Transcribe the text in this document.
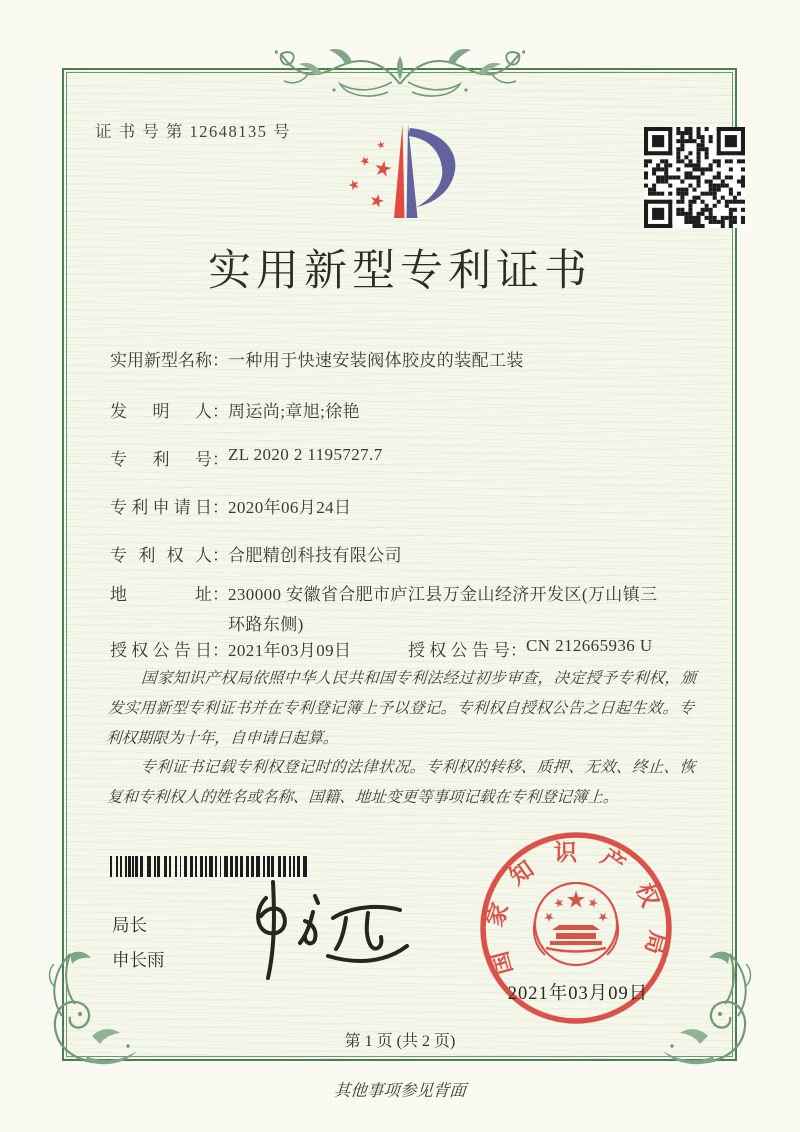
证 书 号 第 12648135 号
实用新型专利证书
实用新型名称：一种用于快速安装阀体胶皮的装配工装
发明人：周运尚;章旭;徐艳
专利号：ZL 2020 2 1195727.7
专利申请日：2020年06月24日
专利权人：合肥精创科技有限公司
地址：230000 安徽省合肥市庐江县万金山经济开发区(万山镇三环路东侧)
授权公告日：2021年03月09日	授权公告号：CN 212665936 U

国家知识产权局依照中华人民共和国专利法经过初步审查，决定授予专利权，颁发实用新型专利证书并在专利登记簿上予以登记。专利权自授权公告之日起生效。专利权期限为十年，自申请日起算。

专利证书记载专利权登记时的法律状况。专利权的转移、质押、无效、终止、恢复和专利权人的姓名或名称、国籍、地址变更等事项记载在专利登记簿上。

局长
申长雨	国家知识产权局
2021年03月09日
第 1 页 (共 2 页)
其他事项参见背面
